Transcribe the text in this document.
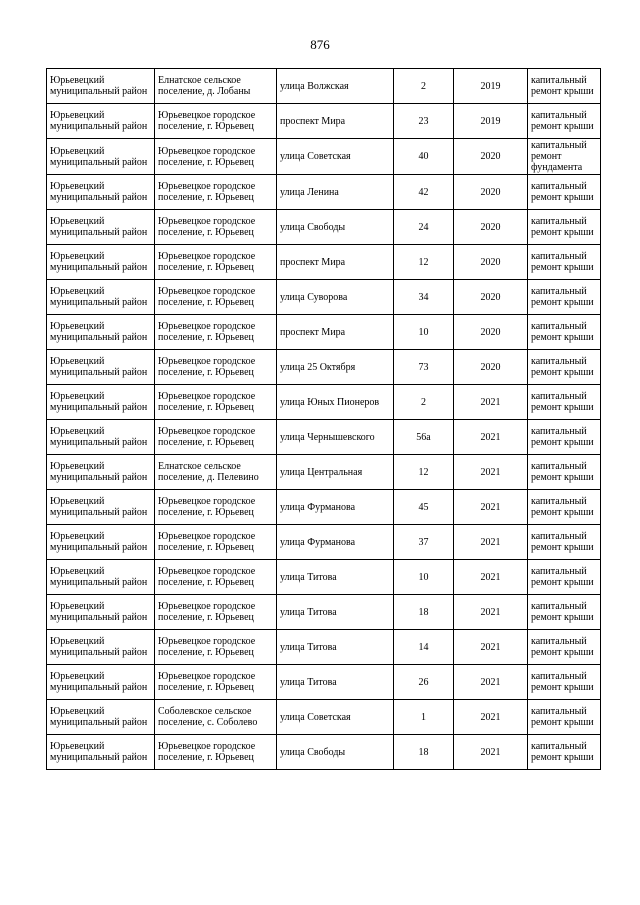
876
Юрьевецкий муниципальный район	Елнатское сельское поселение, д. Лобаны	улица Волжская	2	2019	капитальный ремонт крыши
Юрьевецкий муниципальный район	Юрьевецкое городское поселение, г. Юрьевец	проспект Мира	23	2019	капитальный ремонт крыши
Юрьевецкий муниципальный район	Юрьевецкое городское поселение, г. Юрьевец	улица Советская	40	2020	капитальный ремонт фундамента
Юрьевецкий муниципальный район	Юрьевецкое городское поселение, г. Юрьевец	улица Ленина	42	2020	капитальный ремонт крыши
Юрьевецкий муниципальный район	Юрьевецкое городское поселение, г. Юрьевец	улица Свободы	24	2020	капитальный ремонт крыши
Юрьевецкий муниципальный район	Юрьевецкое городское поселение, г. Юрьевец	проспект Мира	12	2020	капитальный ремонт крыши
Юрьевецкий муниципальный район	Юрьевецкое городское поселение, г. Юрьевец	улица Суворова	34	2020	капитальный ремонт крыши
Юрьевецкий муниципальный район	Юрьевецкое городское поселение, г. Юрьевец	проспект Мира	10	2020	капитальный ремонт крыши
Юрьевецкий муниципальный район	Юрьевецкое городское поселение, г. Юрьевец	улица 25 Октября	73	2020	капитальный ремонт крыши
Юрьевецкий муниципальный район	Юрьевецкое городское поселение, г. Юрьевец	улица Юных Пионеров	2	2021	капитальный ремонт крыши
Юрьевецкий муниципальный район	Юрьевецкое городское поселение, г. Юрьевец	улица Чернышевского	56а	2021	капитальный ремонт крыши
Юрьевецкий муниципальный район	Елнатское сельское поселение, д. Пелевино	улица Центральная	12	2021	капитальный ремонт крыши
Юрьевецкий муниципальный район	Юрьевецкое городское поселение, г. Юрьевец	улица Фурманова	45	2021	капитальный ремонт крыши
Юрьевецкий муниципальный район	Юрьевецкое городское поселение, г. Юрьевец	улица Фурманова	37	2021	капитальный ремонт крыши
Юрьевецкий муниципальный район	Юрьевецкое городское поселение, г. Юрьевец	улица Титова	10	2021	капитальный ремонт крыши
Юрьевецкий муниципальный район	Юрьевецкое городское поселение, г. Юрьевец	улица Титова	18	2021	капитальный ремонт крыши
Юрьевецкий муниципальный район	Юрьевецкое городское поселение, г. Юрьевец	улица Титова	14	2021	капитальный ремонт крыши
Юрьевецкий муниципальный район	Юрьевецкое городское поселение, г. Юрьевец	улица Титова	26	2021	капитальный ремонт крыши
Юрьевецкий муниципальный район	Соболевское сельское поселение, с. Соболево	улица Советская	1	2021	капитальный ремонт крыши
Юрьевецкий муниципальный район	Юрьевецкое городское поселение, г. Юрьевец	улица Свободы	18	2021	капитальный ремонт крыши
